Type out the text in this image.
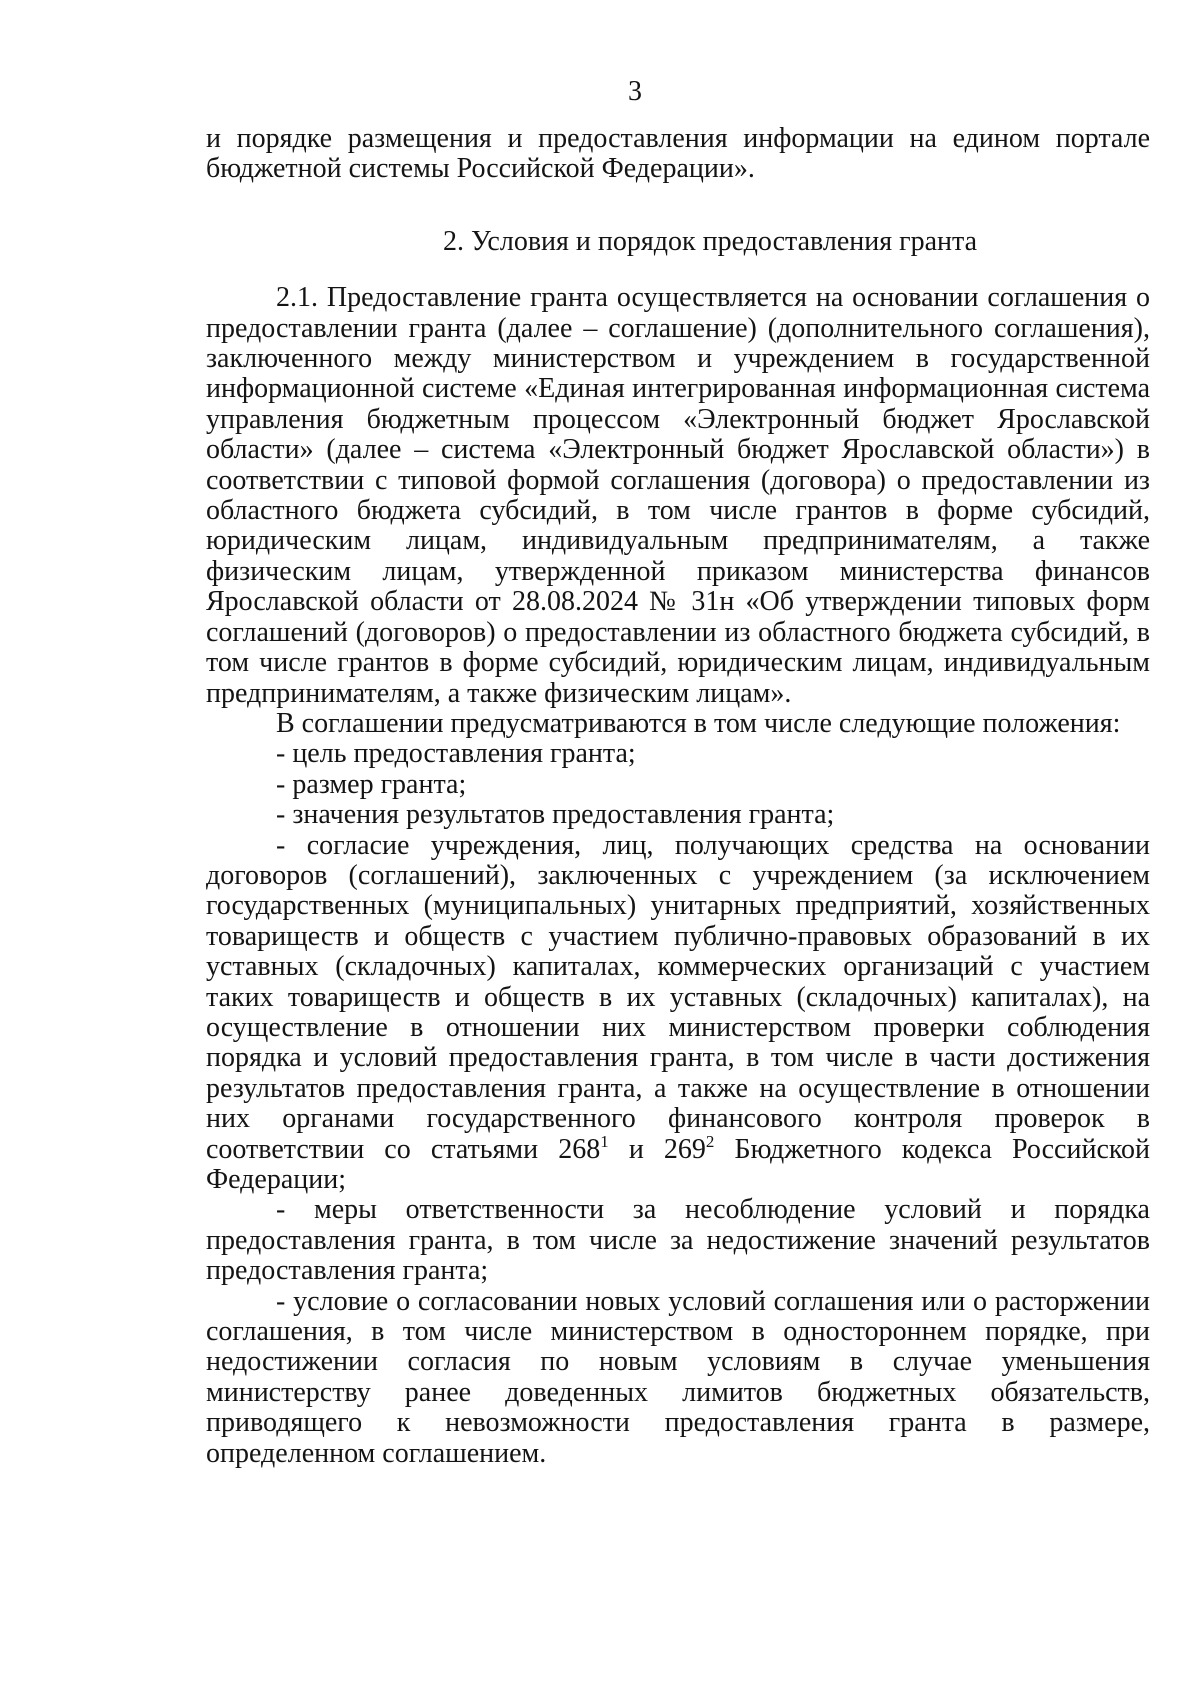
3

и порядке размещения и предоставления информации на едином портале

бюджетной системы Российской Федерации».

2. Условия и порядок предоставления гранта

2.1. Предоставление гранта осуществляется на основании соглашения о предоставлении гранта (далее – соглашение) (дополнительного соглашения), заключенного между министерством и учреждением в государственной информационной системе «Единая интегрированная информационная система управления бюджетным процессом «Электронный бюджет Ярославской области» (далее – система «Электронный бюджет Ярославской области») в соответствии с типовой формой соглашения (договора) о предоставлении из областного бюджета субсидий, в том числе грантов в форме субсидий, юридическим лицам, индивидуальным предпринимателям, а также физическим лицам, утвержденной приказом министерства финансов Ярославской области от 28.08.2024 № 31н «Об утверждении типовых форм соглашений (договоров) о предоставлении из областного бюджета субсидий, в том числе грантов в форме субсидий, юридическим лицам, индивидуальным предпринимателям, а также физическим лицам».

В соглашении предусматриваются в том числе следующие положения:

- цель предоставления гранта;

- размер гранта;

- значения результатов предоставления гранта;

- согласие учреждения, лиц, получающих средства на основании договоров (соглашений), заключенных с учреждением (за исключением государственных (муниципальных) унитарных предприятий, хозяйственных товариществ и обществ с участием публично-правовых образований в их уставных (складочных) капиталах, коммерческих организаций с участием таких товариществ и обществ в их уставных (складочных) капиталах), на осуществление в отношении них министерством проверки соблюдения порядка и условий предоставления гранта, в том числе в части достижения результатов предоставления гранта, а также на осуществление в отношении них органами государственного финансового контроля проверок в соответствии со статьями 268$^1$ и 269$^2$ Бюджетного кодекса Российской Федерации;

- меры ответственности за несоблюдение условий и порядка предоставления гранта, в том числе за недостижение значений результатов предоставления гранта;

- условие о согласовании новых условий соглашения или о расторжении соглашения, в том числе министерством в одностороннем порядке, при недостижении согласия по новым условиям в случае уменьшения министерству ранее доведенных лимитов бюджетных обязательств, приводящего к невозможности предоставления гранта в размере, определенном соглашением.
